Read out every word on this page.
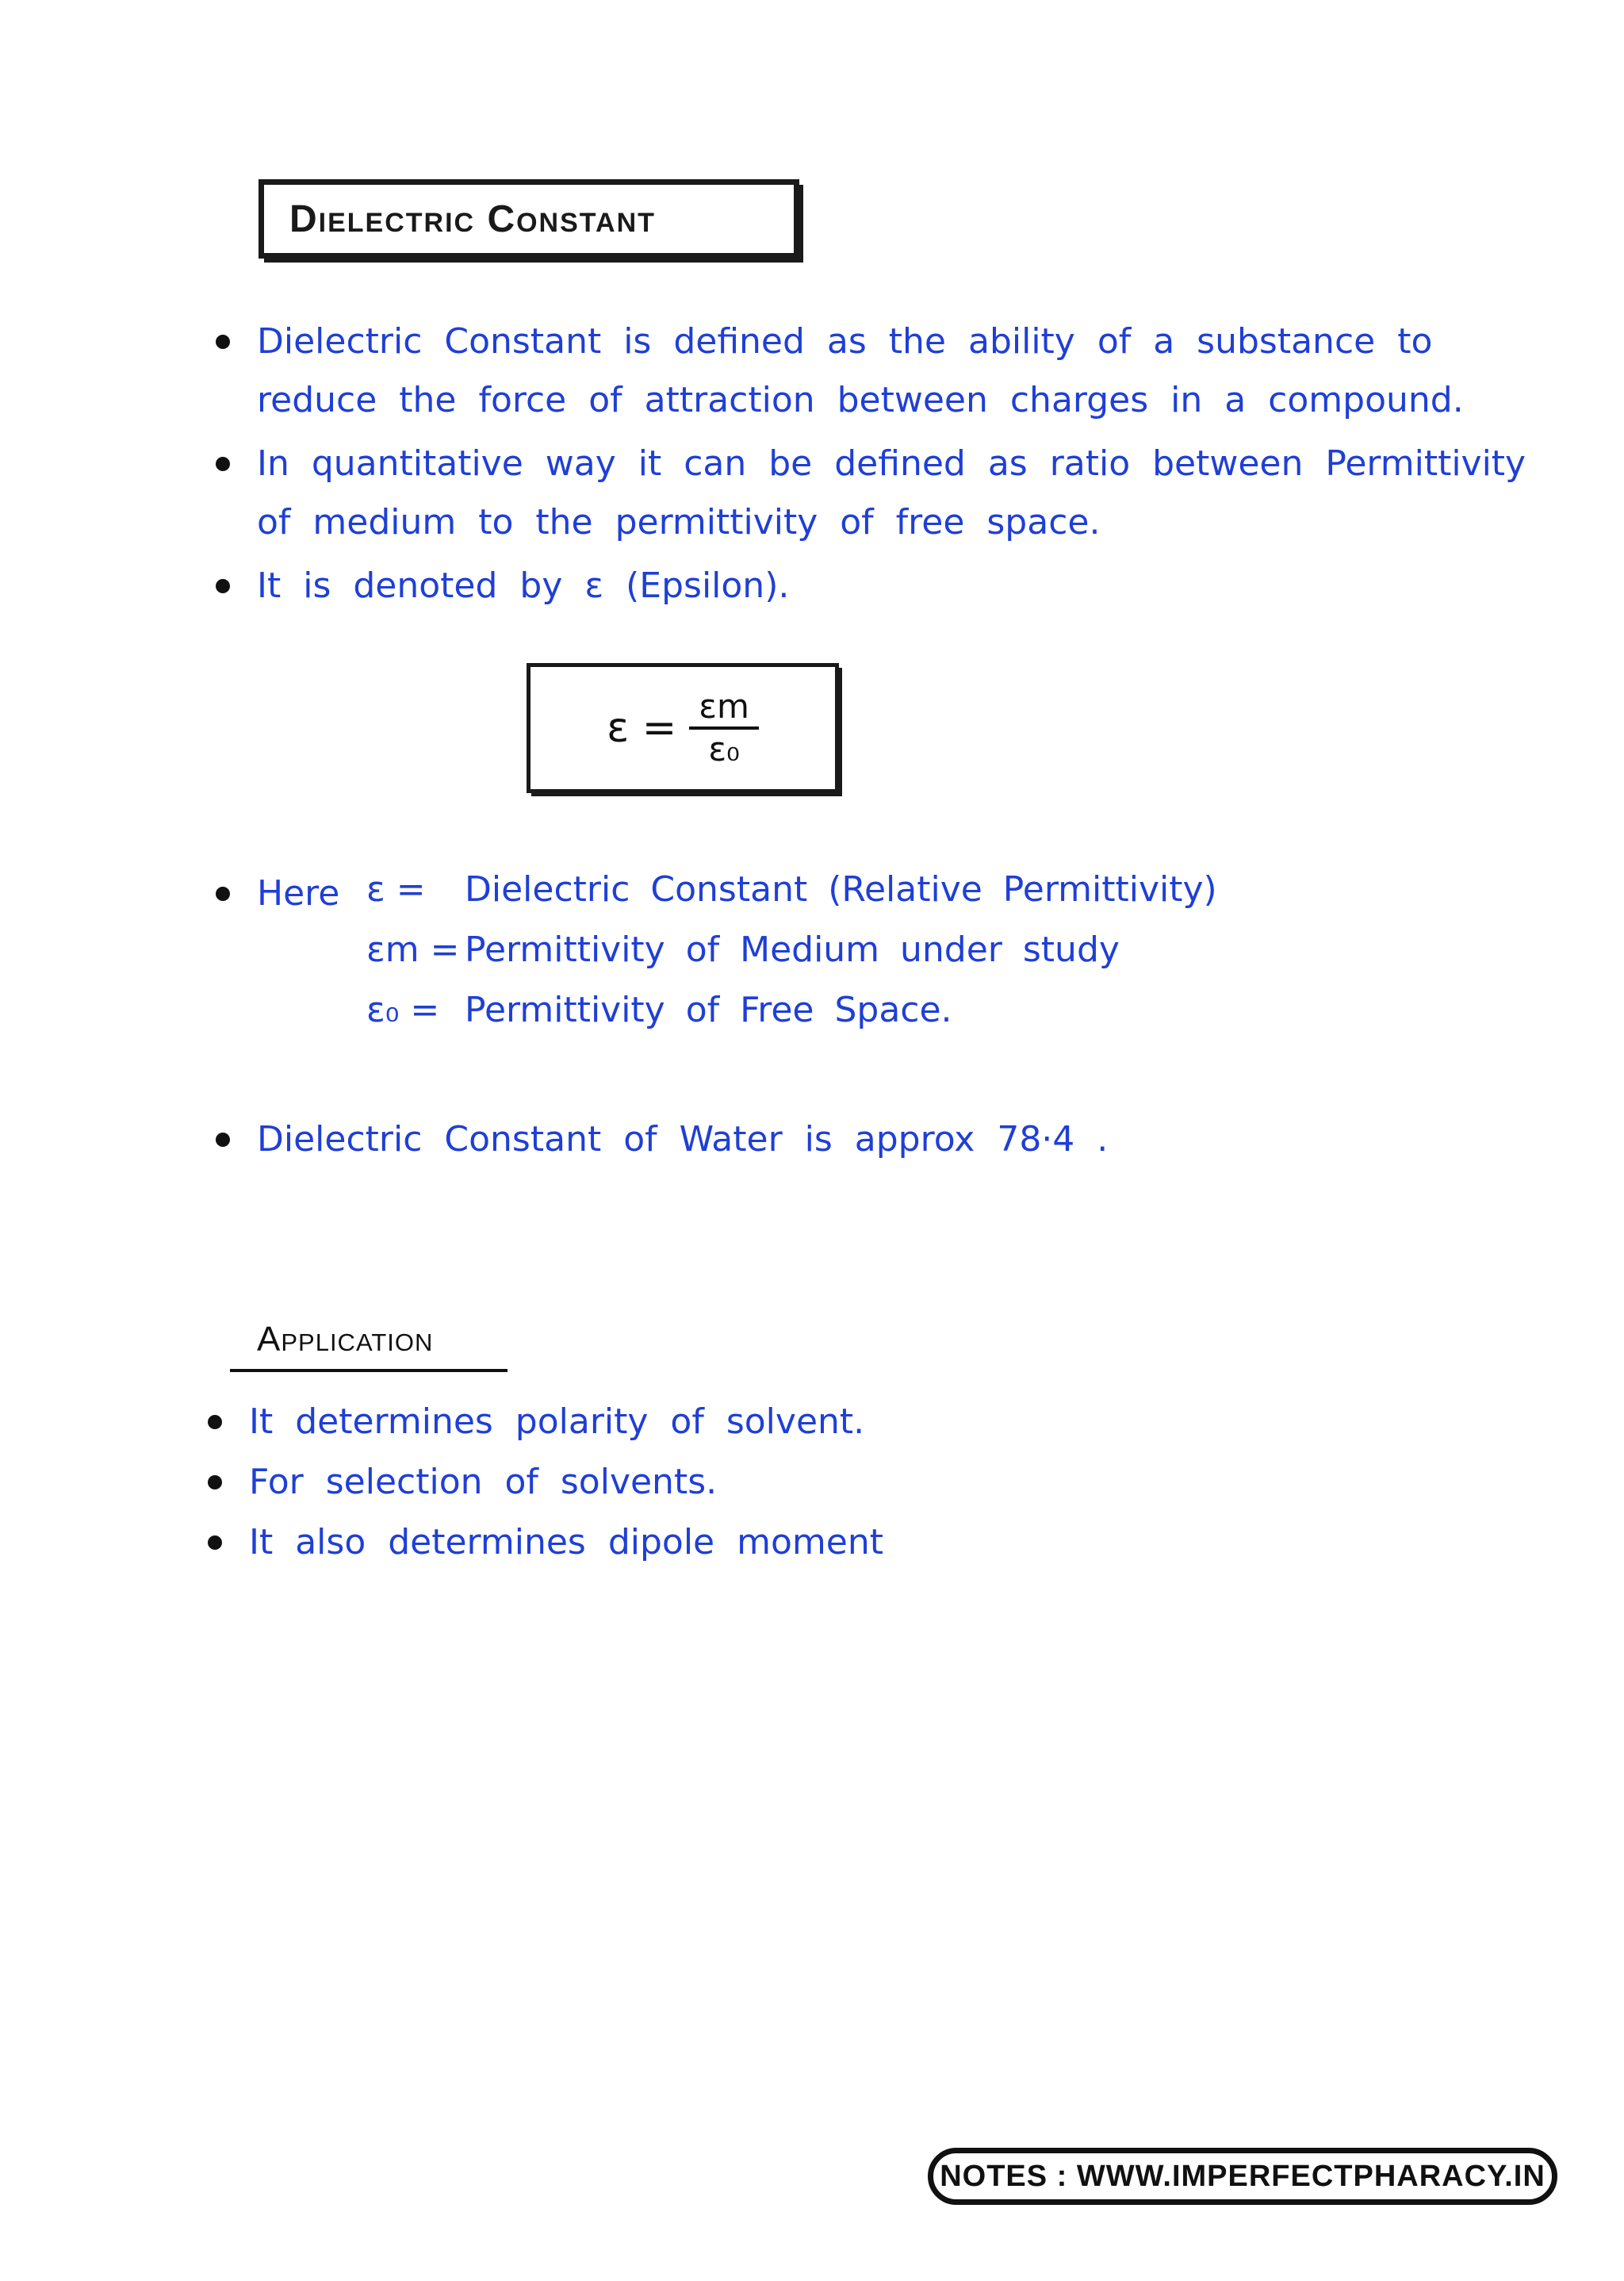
Dielectric Constant
Dielectric Constant is defined as the ability of a substance to
reduce the force of attraction between charges in a compound.
In quantitative way it can be defined as ratio between Permittivity
of medium to the permittivity of free space.
It is denoted by ε (Epsilon).
$\varepsilon = \frac{\varepsilon m}{\text{ε₀}}$
Here ε =	Dielectric Constant (Relative Permittivity)
εm = Permittivity of Medium under study
ε₀ = Permittivity of Free Space.
Dielectric Constant of Water is approx 78·4 .
Application
It determines polarity of solvent.
For selection of solvents.
It also determines dipole moment
NOTES : WWW.IMPERFECTPHARACY.IN
